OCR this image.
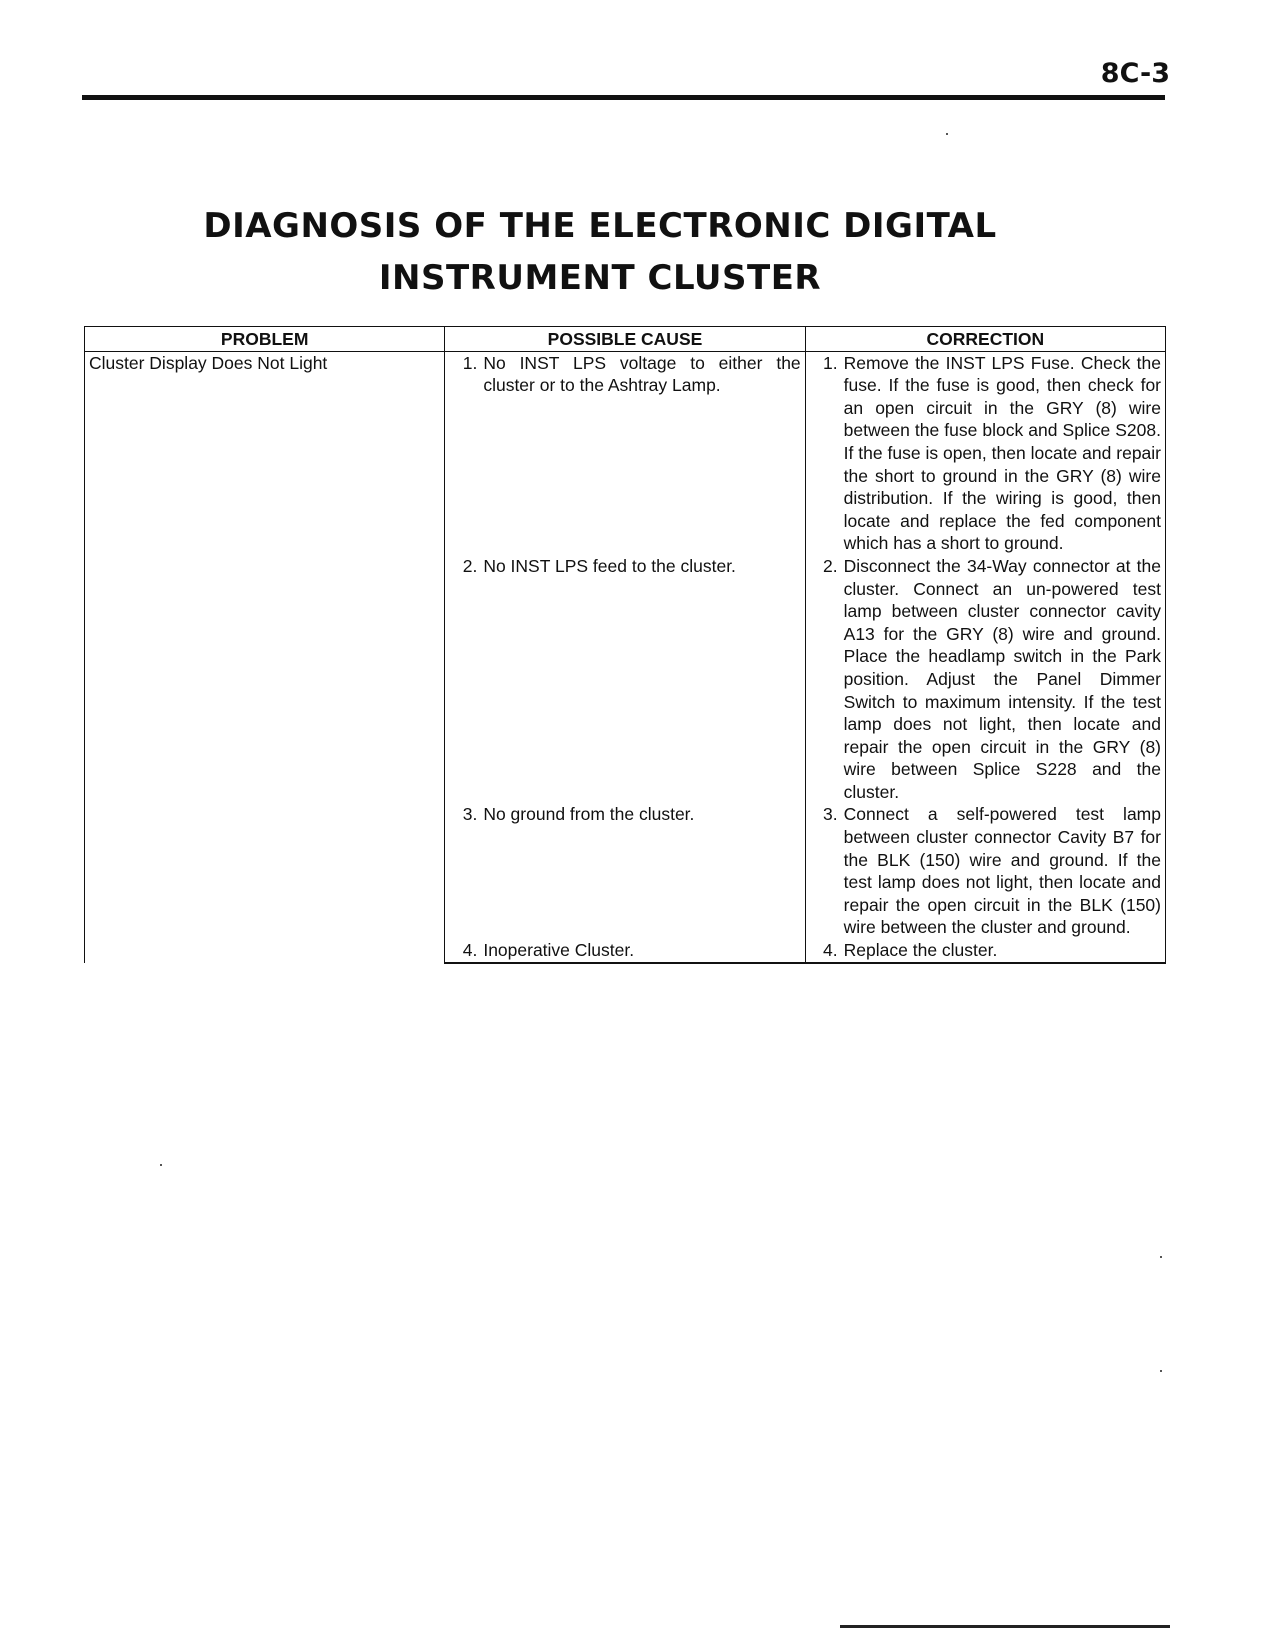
8C-3
DIAGNOSIS OF THE ELECTRONIC DIGITAL
INSTRUMENT CLUSTER
PROBLEM	POSSIBLE CAUSE	CORRECTION
Cluster Display Does Not Light	1. No INST LPS voltage to either the cluster or to the Ashtray Lamp.	1. Remove the INST LPS Fuse. Check the fuse. If the fuse is good, then check for an open circuit in the GRY (8) wire between the fuse block and Splice S208. If the fuse is open, then locate and repair the short to ground in the GRY (8) wire distribution. If the wiring is good, then locate and replace the fed component which has a short to ground.

	2. No INST LPS feed to the cluster.	2. Disconnect the 34-Way connector at the cluster. Connect an un-powered test lamp between cluster connector cavity A13 for the GRY (8) wire and ground. Place the headlamp switch in the Park position. Adjust the Panel Dimmer Switch to maximum intensity. If the test lamp does not light, then locate and repair the open circuit in the GRY (8) wire between Splice S228 and the cluster.

	3. No ground from the cluster.	3. Connect a self-powered test lamp between cluster connector Cavity B7 for the BLK (150) wire and ground. If the test lamp does not light, then locate and repair the open circuit in the BLK (150) wire between the cluster and ground.

	4. Inoperative Cluster.	4. Replace the cluster.
